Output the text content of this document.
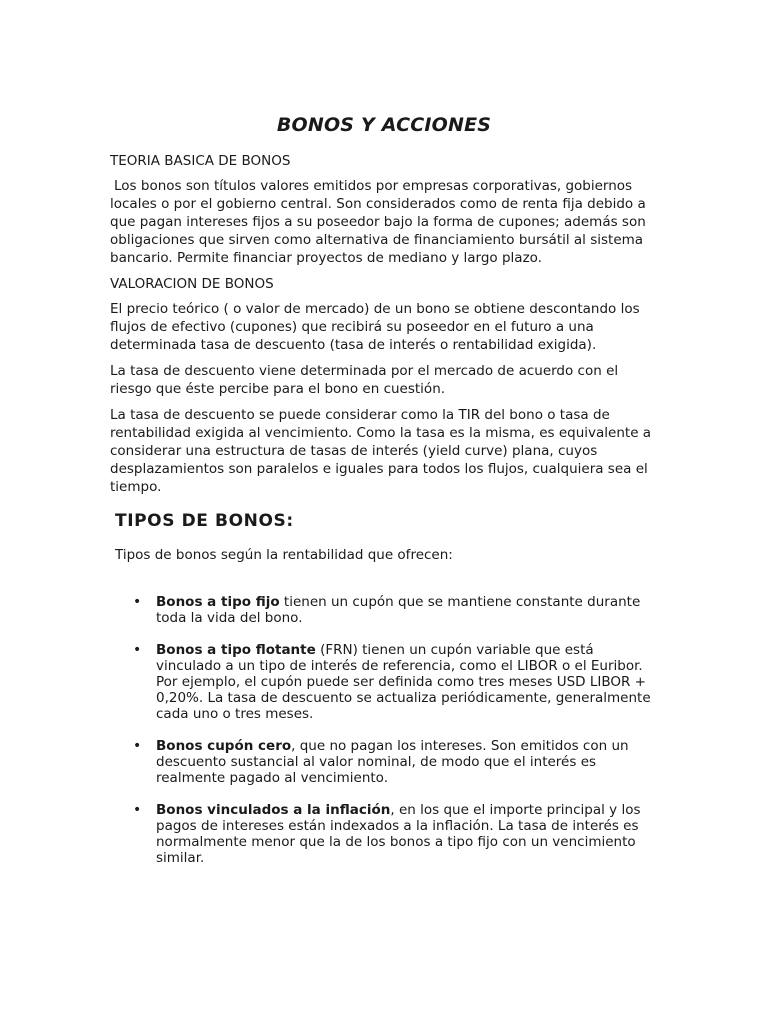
BONOS Y ACCIONES
TEORIA BASICA DE BONOS

Los bonos son títulos valores emitidos por empresas corporativas, gobiernos locales o por el gobierno central. Son considerados como de renta fija debido a que pagan intereses fijos a su poseedor bajo la forma de cupones; además son obligaciones que sirven como alternativa de financiamiento bursátil al sistema bancario. Permite financiar proyectos de mediano y largo plazo.

VALORACION DE BONOS

El precio teórico ( o valor de mercado) de un bono se obtiene descontando los flujos de efectivo (cupones) que recibirá su poseedor en el futuro a una determinada tasa de descuento (tasa de interés o rentabilidad exigida).

La tasa de descuento viene determinada por el mercado de acuerdo con el riesgo que éste percibe para el bono en cuestión.

La tasa de descuento se puede considerar como la TIR del bono o tasa de rentabilidad exigida al vencimiento. Como la tasa es la misma, es equivalente a considerar una estructura de tasas de interés (yield curve) plana, cuyos desplazamientos son paralelos e iguales para todos los flujos, cualquiera sea el tiempo.

TIPOS DE BONOS:

Tipos de bonos según la rentabilidad que ofrecen:

• Bonos a tipo fijo tienen un cupón que se mantiene constante durante toda la vida del bono.
• Bonos a tipo flotante (FRN) tienen un cupón variable que está vinculado a un tipo de interés de referencia, como el LIBOR o el Euribor. Por ejemplo, el cupón puede ser definida como tres meses USD LIBOR + 0,20%. La tasa de descuento se actualiza periódicamente, generalmente cada uno o tres meses.
• Bonos cupón cero, que no pagan los intereses. Son emitidos con un descuento sustancial al valor nominal, de modo que el interés es realmente pagado al vencimiento.
• Bonos vinculados a la inflación, en los que el importe principal y los pagos de intereses están indexados a la inflación. La tasa de interés es normalmente menor que la de los bonos a tipo fijo con un vencimiento similar.
